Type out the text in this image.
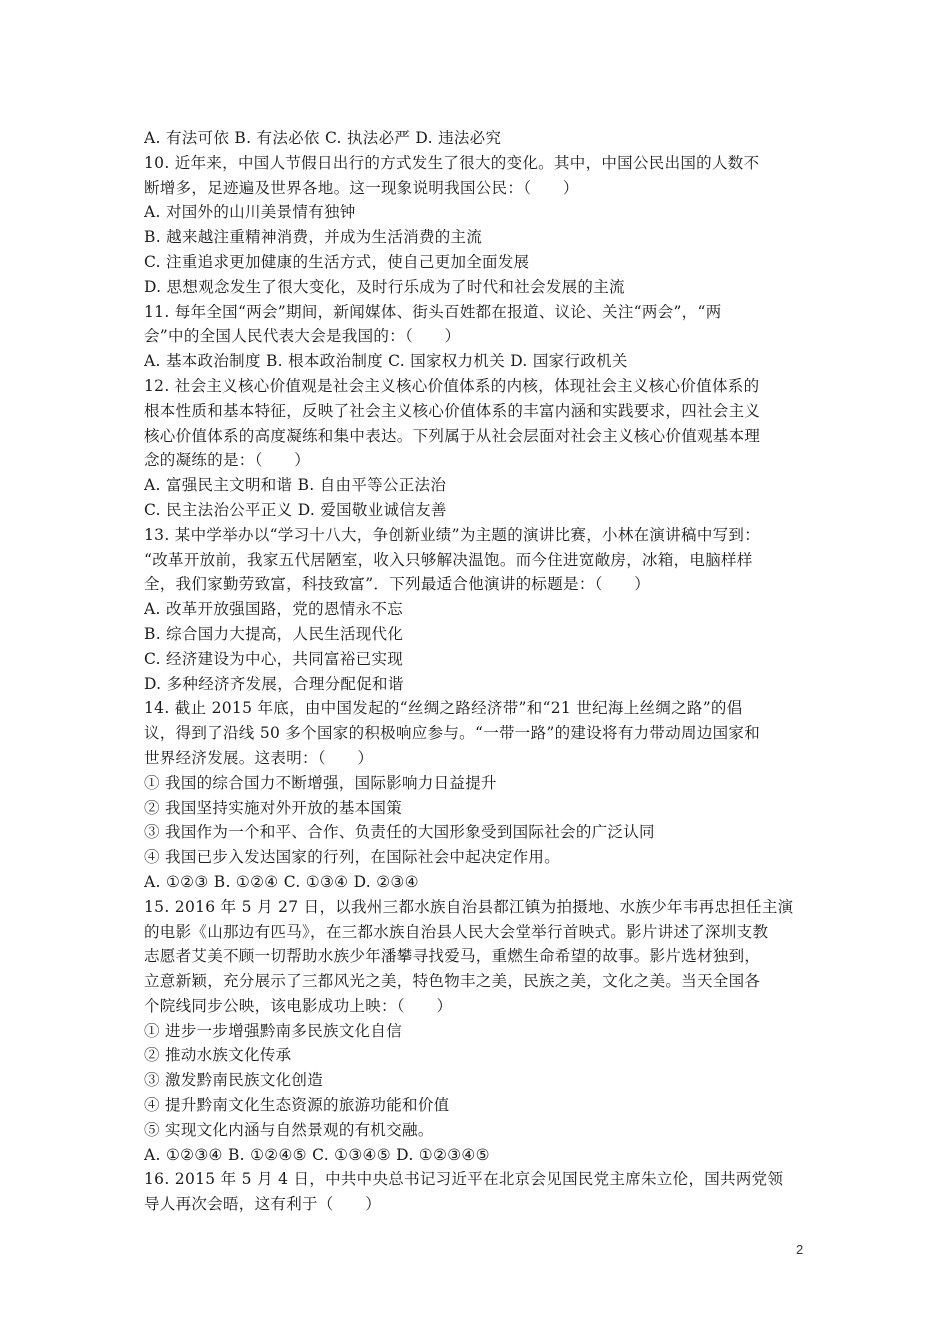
A. 有法可依 B. 有法必依 C. 执法必严 D. 违法必究
10. 近年来，中国人节假日出行的方式发生了很大的变化。其中，中国公民出国的人数不
断增多，足迹遍及世界各地。这一现象说明我国公民：（　　）
A. 对国外的山川美景情有独钟
B. 越来越注重精神消费，并成为生活消费的主流
C. 注重追求更加健康的生活方式，使自己更加全面发展
D. 思想观念发生了很大变化，及时行乐成为了时代和社会发展的主流
11. 每年全国“两会”期间，新闻媒体、街头百姓都在报道、议论、关注“两会”，“两
会”中的全国人民代表大会是我国的：（　　）
A. 基本政治制度 B. 根本政治制度 C. 国家权力机关 D. 国家行政机关
12. 社会主义核心价值观是社会主义核心价值体系的内核，体现社会主义核心价值体系的
根本性质和基本特征，反映了社会主义核心价值体系的丰富内涵和实践要求，四社会主义
核心价值体系的高度凝练和集中表达。下列属于从社会层面对社会主义核心价值观基本理
念的凝练的是：（　　）
A. 富强民主文明和谐 B. 自由平等公正法治
C. 民主法治公平正义 D. 爱国敬业诚信友善
13. 某中学举办以“学习十八大，争创新业绩”为主题的演讲比赛，小林在演讲稿中写到：
“改革开放前，我家五代居陋室，收入只够解决温饱。而今住进宽敞房，冰箱，电脑样样
全，我们家勤劳致富，科技致富”．下列最适合他演讲的标题是：（　　）
A. 改革开放强国路，党的恩情永不忘
B. 综合国力大提高，人民生活现代化
C. 经济建设为中心，共同富裕已实现
D. 多种经济齐发展，合理分配促和谐
14. 截止 2015 年底，由中国发起的“丝绸之路经济带”和“21 世纪海上丝绸之路”的倡
议，得到了沿线 50 多个国家的积极响应参与。“一带一路”的建设将有力带动周边国家和
世界经济发展。这表明：（　　）
① 我国的综合国力不断增强，国际影响力日益提升
② 我国坚持实施对外开放的基本国策
③ 我国作为一个和平、合作、负责任的大国形象受到国际社会的广泛认同
④ 我国已步入发达国家的行列，在国际社会中起决定作用。
A. ①②③ B. ①②④ C. ①③④ D. ②③④
15. 2016 年 5 月 27 日，以我州三都水族自治县都江镇为拍摄地、水族少年韦再忠担任主演
的电影《山那边有匹马》，在三都水族自治县人民大会堂举行首映式。影片讲述了深圳支教
志愿者艾美不顾一切帮助水族少年潘攀寻找爱马，重燃生命希望的故事。影片选材独到，
立意新颖，充分展示了三都风光之美，特色物丰之美，民族之美，文化之美。当天全国各
个院线同步公映，该电影成功上映：（　　）
① 进步一步增强黔南多民族文化自信
② 推动水族文化传承
③ 激发黔南民族文化创造
④ 提升黔南文化生态资源的旅游功能和价值
⑤ 实现文化内涵与自然景观的有机交融。
A. ①②③④ B. ①②④⑤ C. ①③④⑤ D. ①②③④⑤
16. 2015 年 5 月 4 日，中共中央总书记习近平在北京会见国民党主席朱立伦，国共两党领
导人再次会晤，这有利于（　　）
2
